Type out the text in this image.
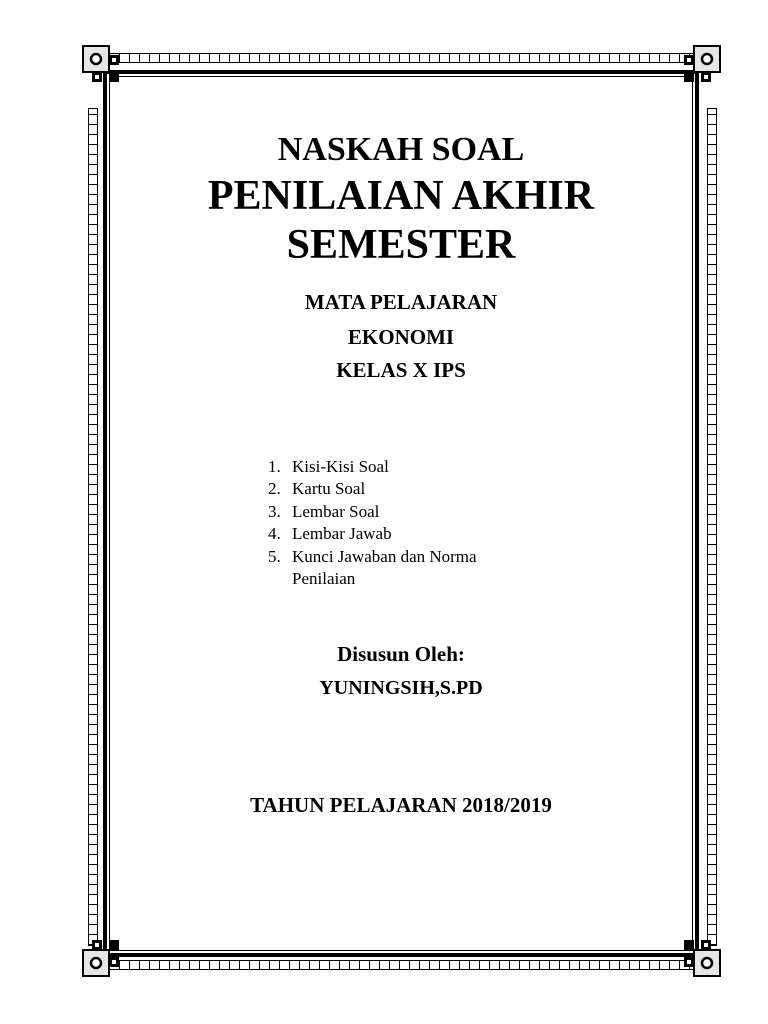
NASKAH SOAL
PENILAIAN AKHIR
SEMESTER

MATA PELAJARAN

EKONOMI

KELAS X IPS

1. Kisi-Kisi Soal
2. Kartu Soal
3. Lembar Soal
4. Lembar Jawab
5. Kunci Jawaban dan Norma Penilaian

Disusun Oleh:

YUNINGSIH,S.PD

TAHUN PELAJARAN 2018/2019
